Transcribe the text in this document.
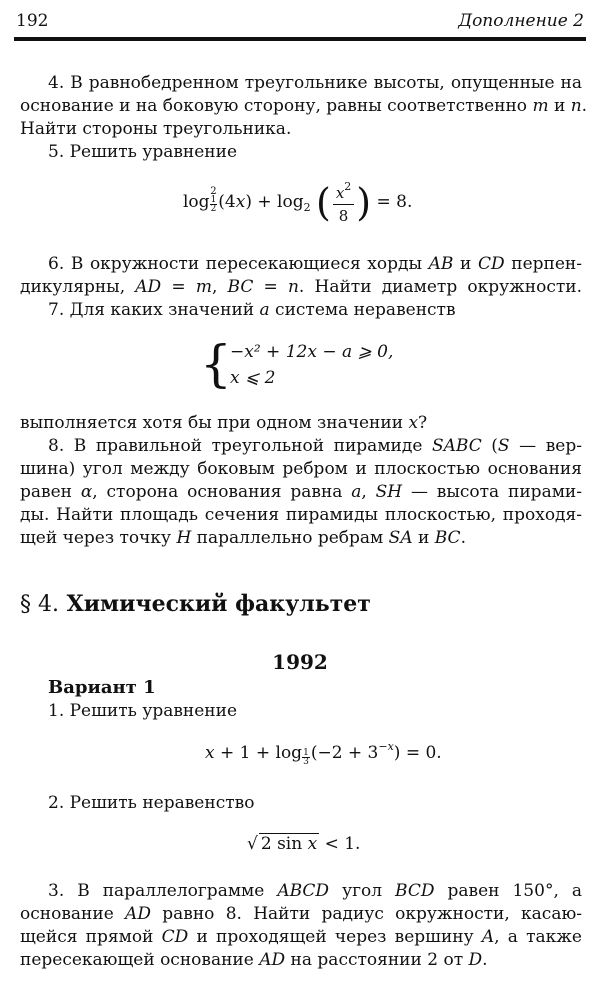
192	Дополнение 2
4. В равнобедренном треугольнике высоты, опущенные на
основание и на боковую сторону, равны соответственно m и n.
Найти стороны треугольника.
5. Решить уравнение
log
2
1
2 $(4x) + \log_2$ ( $\frac{x^2}{8}$ ) = 8.
6. В окружности пересекающиеся хорды AB и CD перпен-
дикулярны, AD = m, BC = n. Найти диаметр окружности.
7. Для каких значений a система неравенств
{
−x² + 12x − a ⩾ 0,
x ⩽ 2
выполняется хотя бы при одном значении x?
8. В правильной треугольной пирамиде SABC (S — вер-
шина) угол между боковым ребром и плоскостью основания
равен α, сторона основания равна a, SH — высота пирами-
ды. Найти площадь сечения пирамиды плоскостью, проходя-
щей через точку H параллельно ребрам SA и BC.
§ 4. Химический факультет
1992
Вариант 1
1. Решить уравнение
$x + 1 + \log \frac{1}{3} (-2 + 3^{-x}) = 0$.
2. Решить неравенство
√ 2 sin x < 1.
3. В параллелограмме ABCD угол BCD равен 150°, а
основание AD равно 8. Найти радиус окружности, касаю-
щейся прямой CD и проходящей через вершину A, а также
пересекающей основание AD на расстоянии 2 от D.
